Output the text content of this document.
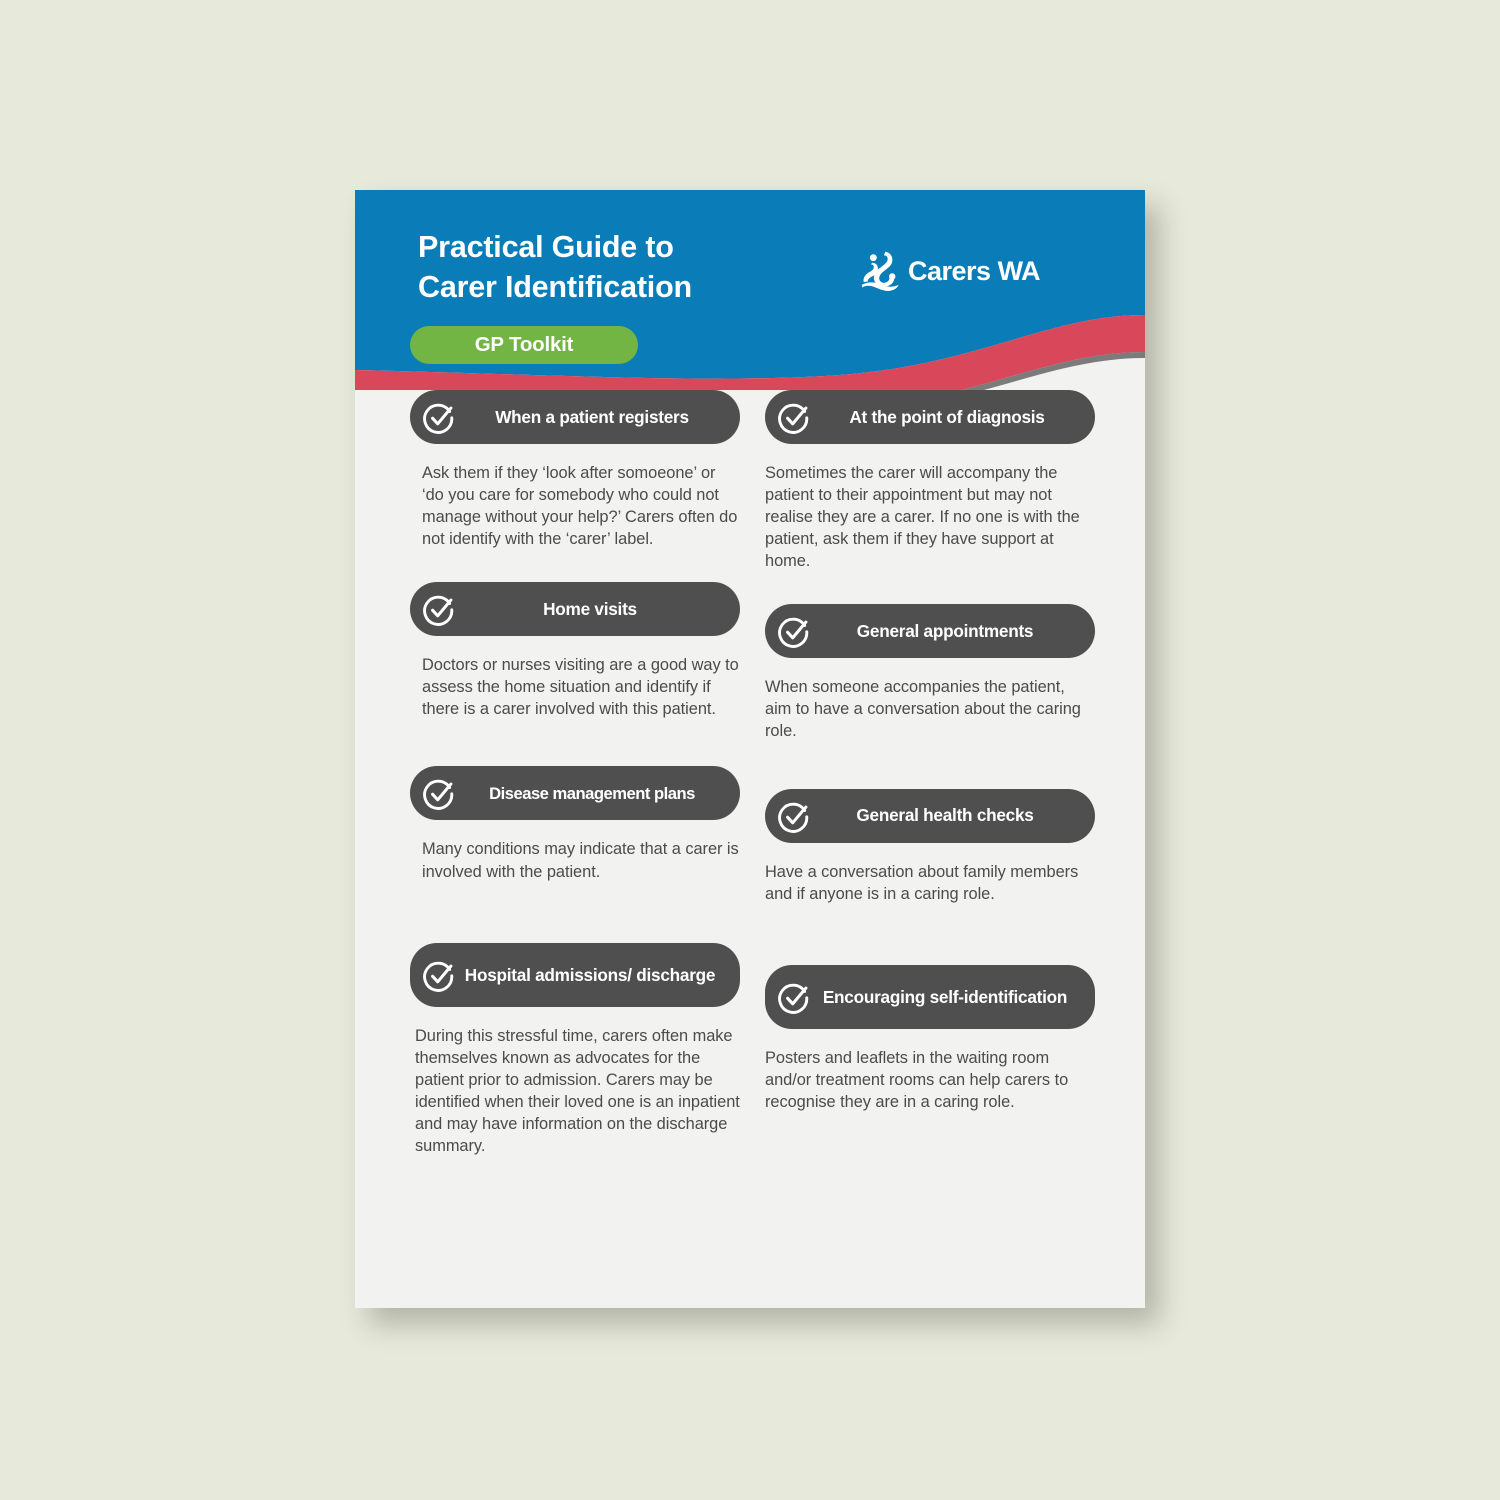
Practical Guide to
Carer Identification
GP Toolkit
Carers WA
When a patient registers
Ask them if they ‘look after somoeone’ or ‘do you care for somebody who could not manage without your help?’ Carers often do not identify with the ‘carer’ label.
Home visits
Doctors or nurses visiting are a good way to assess the home situation and identify if there is a carer involved with this patient.
Disease management plans
Many conditions may indicate that a carer is involved with the patient.
Hospital admissions/ discharge
During this stressful time, carers often make themselves known as advocates for the patient prior to admission. Carers may be identified when their loved one is an inpatient and may have information on the discharge summary.
At the point of diagnosis
Sometimes the carer will accompany the patient to their appointment but may not realise they are a carer. If no one is with the patient, ask them if they have support at home.
General appointments
When someone accompanies the patient, aim to have a conversation about the caring role.
General health checks
Have a conversation about family members and if anyone is in a caring role.
Encouraging self-identification
Posters and leaflets in the waiting room and/or treatment rooms can help carers to recognise they are in a caring role.
